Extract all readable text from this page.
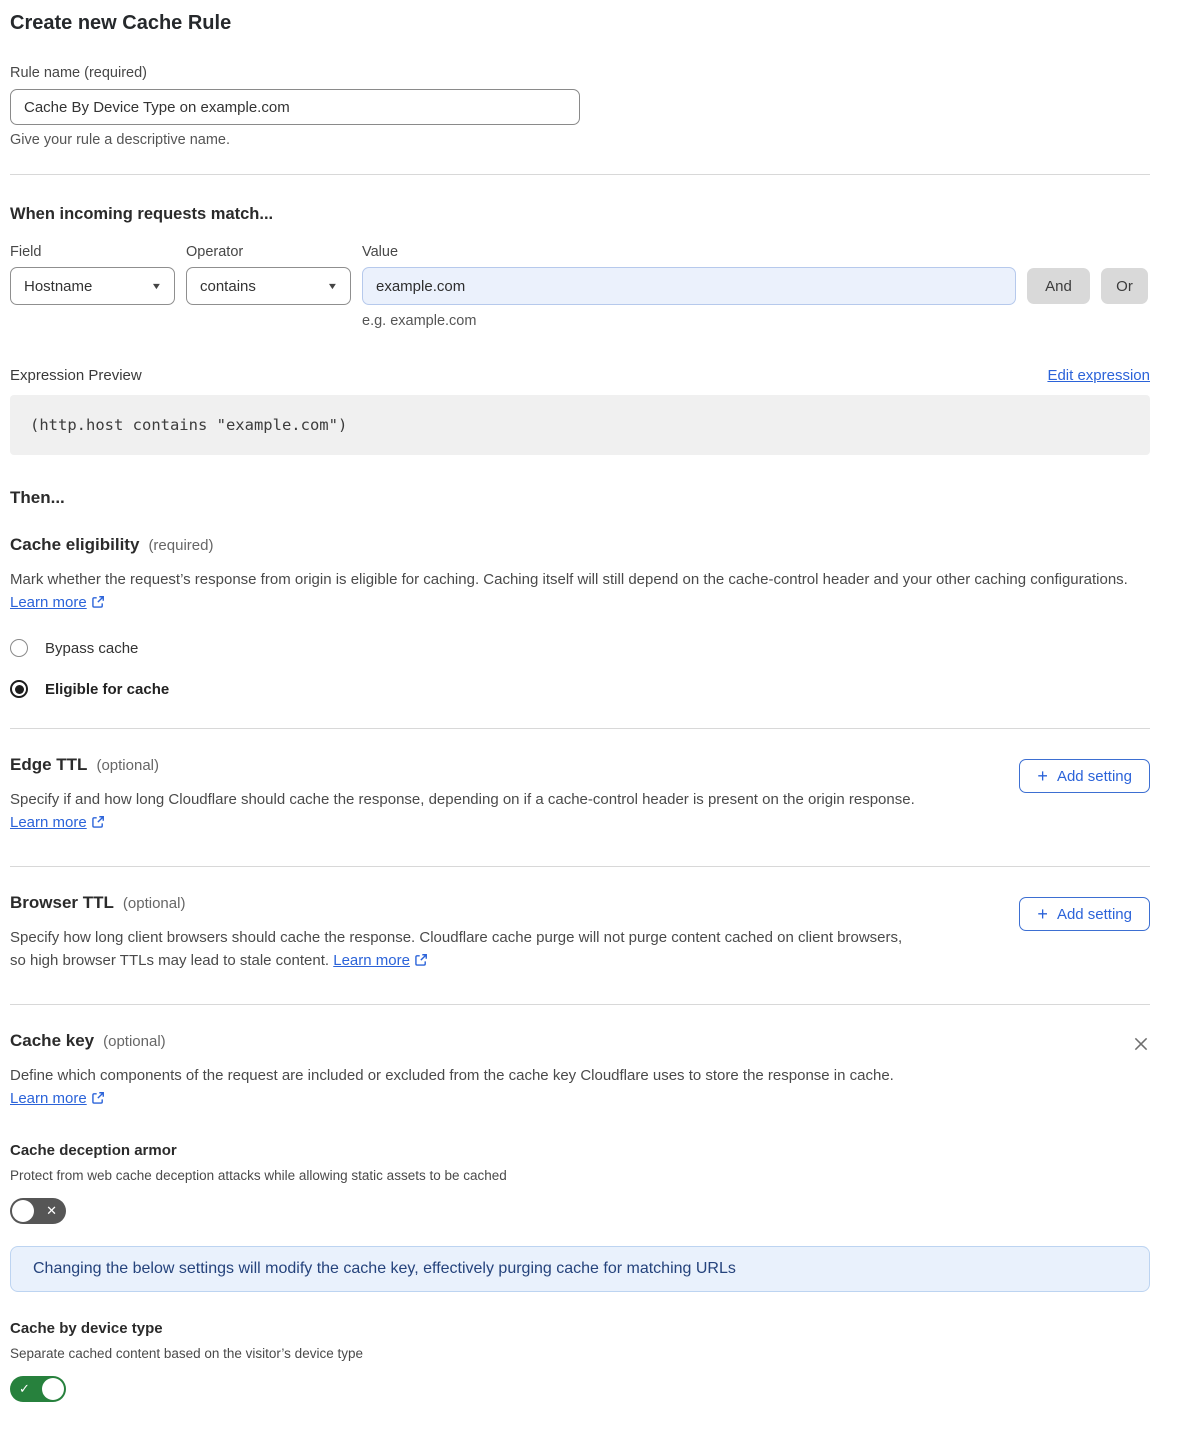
Create new Cache Rule
Rule name (required)
Cache By Device Type on example.com
Give your rule a descriptive name.
When incoming requests match...
Field	Operator	Value
Hostname	▼	contains	▼
example.com	And	Or
e.g. example.com
Expression Preview	Edit expression
(http.host contains "example.com")
Then...
Cache eligibility (required)
Mark whether the request’s response from origin is eligible for caching. Caching itself will still depend on the cache-control header and your other caching configurations. Learn more
Bypass cache
Eligible for cache
Edge TTL (optional)
Specify if and how long Cloudflare should cache the response, depending on if a cache-control header is present on the origin response. Learn more
+ Add setting
Browser TTL (optional)
Specify how long client browsers should cache the response. Cloudflare cache purge will not purge content cached on client browsers, so high browser TTLs may lead to stale content. Learn more
+ Add setting
Cache key (optional)
Define which components of the request are included or excluded from the cache key Cloudflare uses to store the response in cache.
Learn more
Cache deception armor
Protect from web cache deception attacks while allowing static assets to be cached
✕
Changing the below settings will modify the cache key, effectively purging cache for matching URLs
Cache by device type
Separate cached content based on the visitor’s device type
✓
